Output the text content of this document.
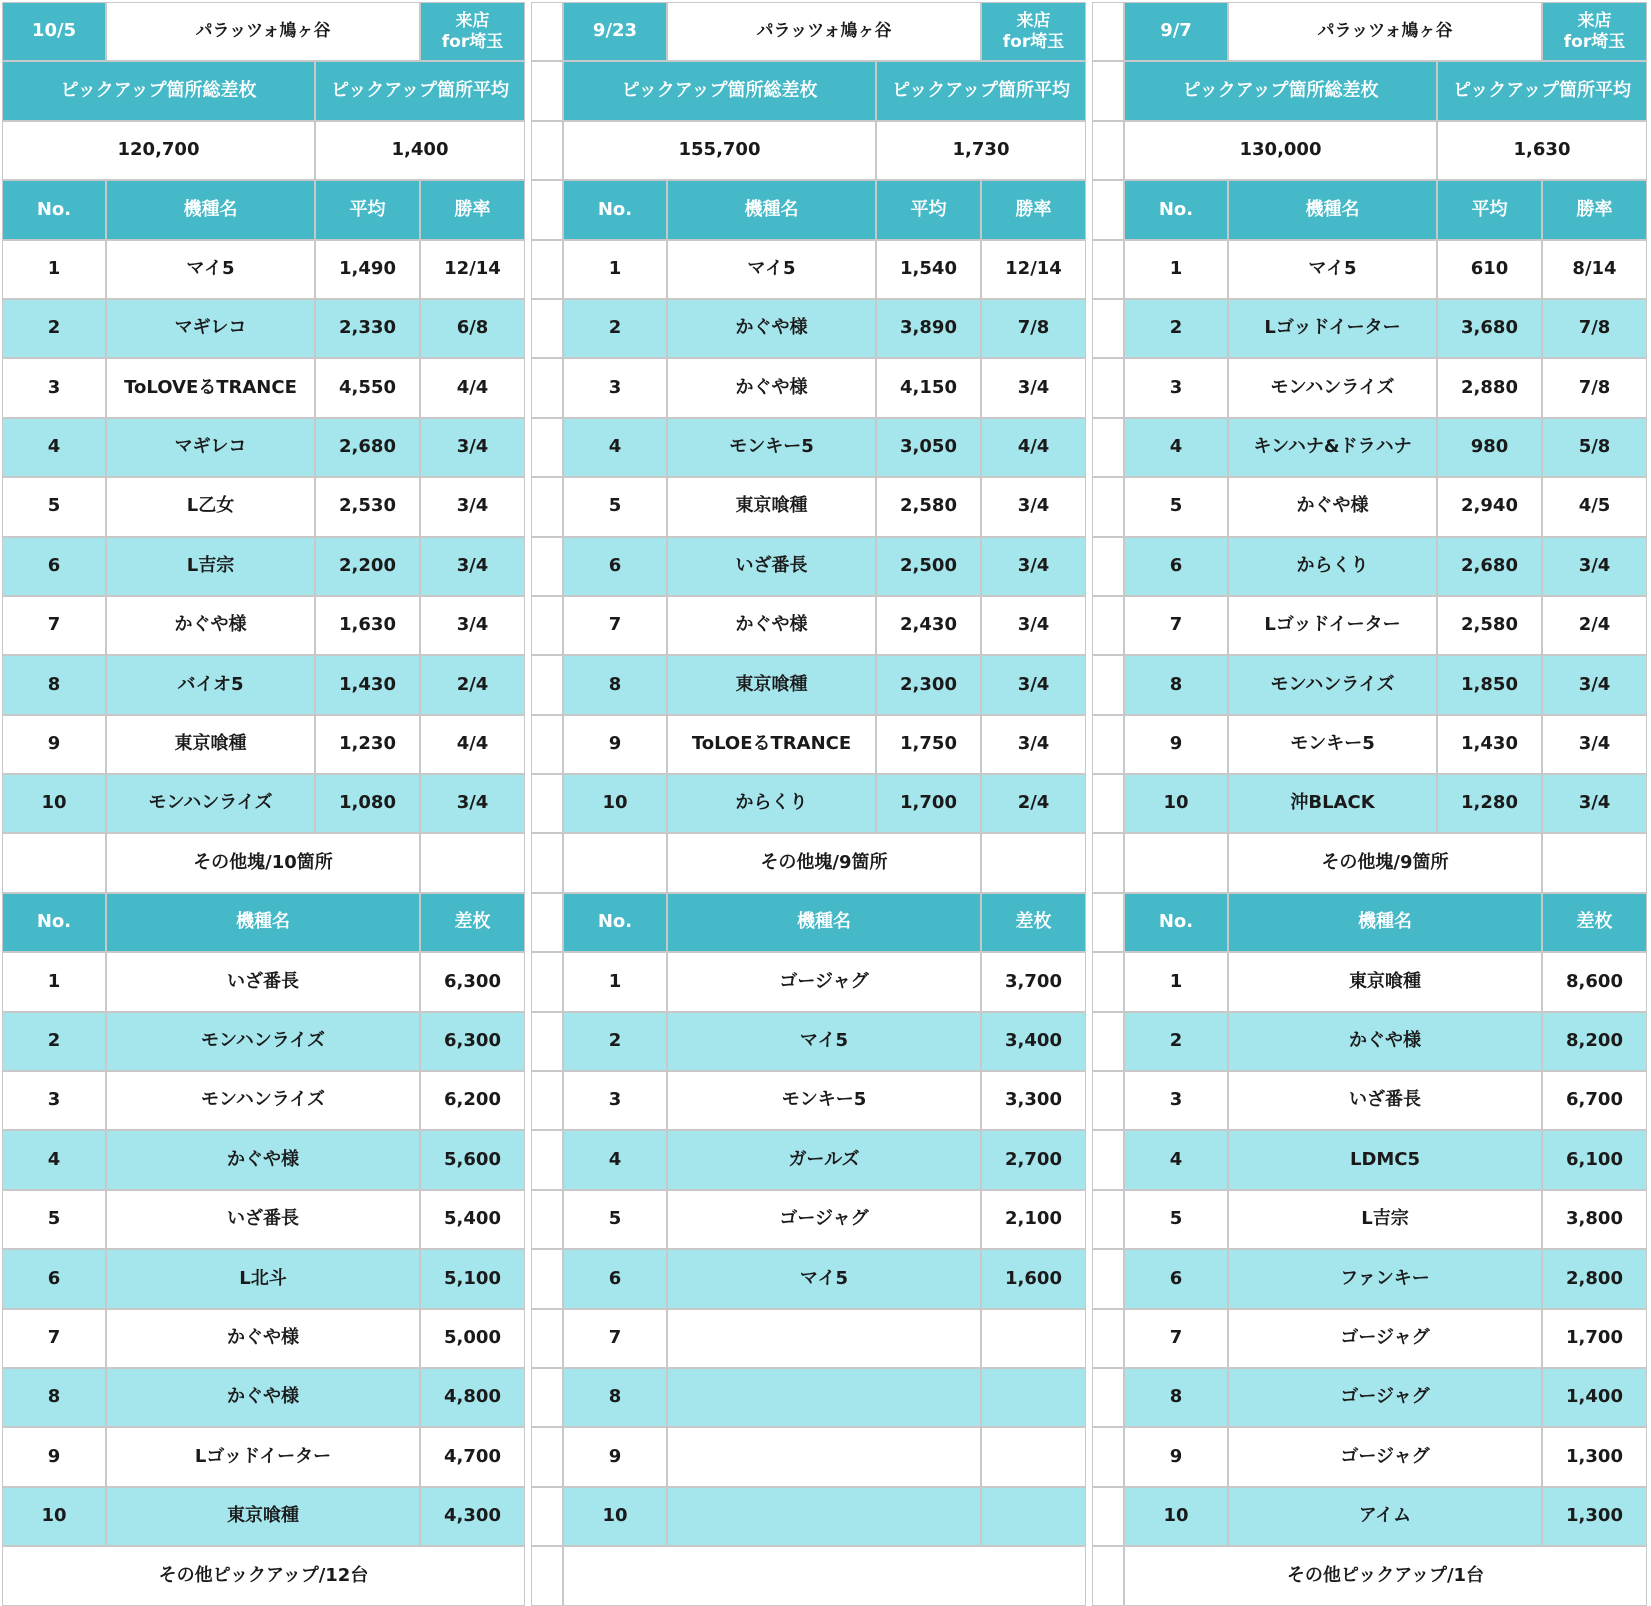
10/5	パラッツォ鳩ヶ谷	来店
for埼玉
ピックアップ箇所総差枚	ピックアップ箇所平均
120,700	1,400
No.	機種名	平均	勝率
1	マイ5	1,490	12/14
2	マギレコ	2,330	6/8
3	ToLOVEるTRANCE	4,550	4/4
4	マギレコ	2,680	3/4
5	L乙女	2,530	3/4
6	L吉宗	2,200	3/4
7	かぐや様	1,630	3/4
8	バイオ5	1,430	2/4
9	東京喰種	1,230	4/4
10	モンハンライズ	1,080	3/4
その他塊/10箇所
No.	機種名	差枚
1	いざ番長	6,300
2	モンハンライズ	6,300
3	モンハンライズ	6,200
4	かぐや様	5,600
5	いざ番長	5,400
6	L北斗	5,100
7	かぐや様	5,000
8	かぐや様	4,800
9	Lゴッドイーター	4,700
10	東京喰種	4,300
その他ピックアップ/12台
9/23	パラッツォ鳩ヶ谷	来店
for埼玉
ピックアップ箇所総差枚	ピックアップ箇所平均
155,700	1,730
No.	機種名	平均	勝率
1	マイ5	1,540	12/14
2	かぐや様	3,890	7/8
3	かぐや様	4,150	3/4
4	モンキー5	3,050	4/4
5	東京喰種	2,580	3/4
6	いざ番長	2,500	3/4
7	かぐや様	2,430	3/4
8	東京喰種	2,300	3/4
9	ToLOEるTRANCE	1,750	3/4
10	からくり	1,700	2/4
その他塊/9箇所
No.	機種名	差枚
1	ゴージャグ	3,700
2	マイ5	3,400
3	モンキー5	3,300
4	ガールズ	2,700
5	ゴージャグ	2,100
6	マイ5	1,600
7
8
9
10
9/7	パラッツォ鳩ヶ谷	来店
for埼玉
ピックアップ箇所総差枚	ピックアップ箇所平均
130,000	1,630
No.	機種名	平均	勝率
1	マイ5	610	8/14
2	Lゴッドイーター	3,680	7/8
3	モンハンライズ	2,880	7/8
4	キンハナ&ドラハナ	980	5/8
5	かぐや様	2,940	4/5
6	からくり	2,680	3/4
7	Lゴッドイーター	2,580	2/4
8	モンハンライズ	1,850	3/4
9	モンキー5	1,430	3/4
10	沖BLACK	1,280	3/4
その他塊/9箇所
No.	機種名	差枚
1	東京喰種	8,600
2	かぐや様	8,200
3	いざ番長	6,700
4	LDMC5	6,100
5	L吉宗	3,800
6	ファンキー	2,800
7	ゴージャグ	1,700
8	ゴージャグ	1,400
9	ゴージャグ	1,300
10	アイム	1,300
その他ピックアップ/1台
